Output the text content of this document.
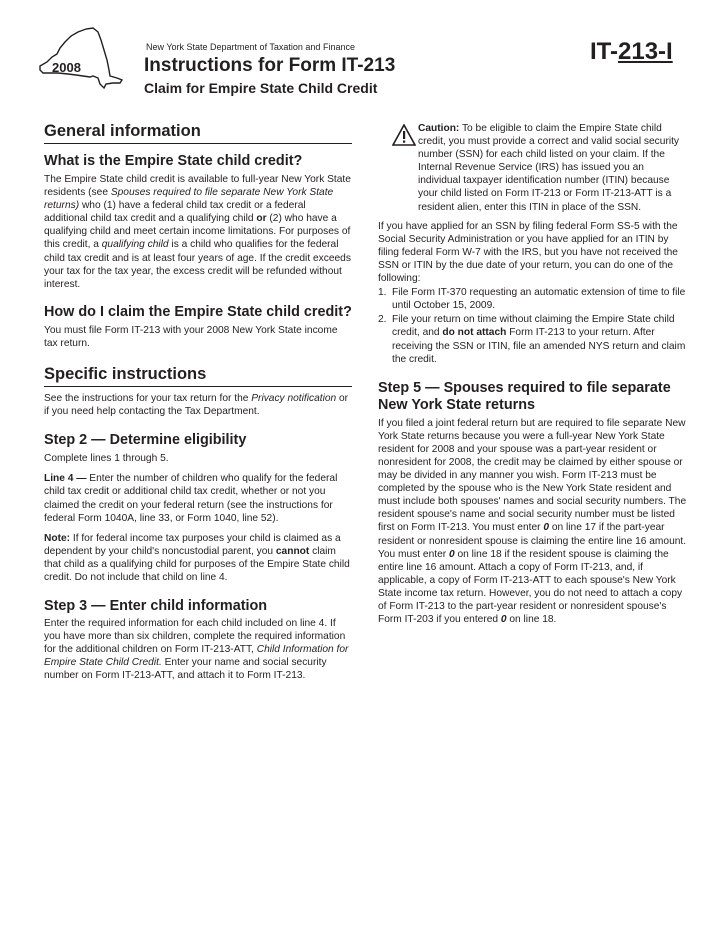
2008
New York State Department of Taxation and Finance
Instructions for Form IT-213
Claim for Empire State Child Credit
IT-213-I
General information
What is the Empire State child credit?

The Empire State child credit is available to full-year New York State residents (see Spouses required to file separate New York State returns) who (1) have a federal child tax credit or a federal additional child tax credit and a qualifying child or (2) who have a qualifying child and meet certain income limitations. For purposes of this credit, a qualifying child is a child who qualifies for the federal child tax credit and is at least four years of age. If the credit exceeds your tax for the tax year, the excess credit will be refunded without interest.

How do I claim the Empire State child credit?

You must file Form IT-213 with your 2008 New York State income tax return.

Specific instructions

See the instructions for your tax return for the Privacy notification or if you need help contacting the Tax Department.

Step 2 — Determine eligibility

Complete lines 1 through 5.

Line 4 — Enter the number of children who qualify for the federal child tax credit or additional child tax credit, whether or not you claimed the credit on your federal return (see the instructions for federal Form 1040A, line 33, or Form 1040, line 52).

Note: If for federal income tax purposes your child is claimed as a dependent by your child's noncustodial parent, you cannot claim that child as a qualifying child for purposes of the Empire State child credit. Do not include that child on line 4.

Step 3 — Enter child information

Enter the required information for each child included on line 4. If you have more than six children, complete the required information for the additional children on Form IT-213-ATT, Child Information for Empire State Child Credit. Enter your name and social security number on Form IT-213-ATT, and attach it to Form IT-213.

Caution: To be eligible to claim the Empire State child credit, you must provide a correct and valid social security number (SSN) for each child listed on your claim. If the Internal Revenue Service (IRS) has issued you an individual taxpayer identification number (ITIN) because your child listed on Form IT-213 or Form IT-213-ATT is a resident alien, enter this ITIN in place of the SSN.

If you have applied for an SSN by filing federal Form SS-5 with the Social Security Administration or you have applied for an ITIN by filing federal Form W-7 with the IRS, but you have not received the SSN or ITIN by the due date of your return, you can do one of the following:

1. File Form IT-370 requesting an automatic extension of time to file until October 15, 2009.
2. File your return on time without claiming the Empire State child credit, and do not attach Form IT-213 to your return. After receiving the SSN or ITIN, file an amended NYS return and claim the credit.
Step 5 — Spouses required to file separate New York State returns

If you filed a joint federal return but are required to file separate New York State returns because you were a full-year New York State resident for 2008 and your spouse was a part-year resident or nonresident for 2008, the credit may be claimed by either spouse or may be divided in any manner you wish. Form IT-213 must be completed by the spouse who is the New York State resident and must include both spouses' names and social security numbers. The resident spouse's name and social security number must be listed first on Form IT-213. You must enter 0 on line 17 if the part-year resident or nonresident spouse is claiming the entire line 16 amount. You must enter 0 on line 18 if the resident spouse is claiming the entire line 16 amount. Attach a copy of Form IT-213, and, if applicable, a copy of Form IT-213-ATT to each spouse's New York State income tax return. However, you do not need to attach a copy of Form IT-213 to the part-year resident or nonresident spouse's Form IT-203 if you entered 0 on line 18.
